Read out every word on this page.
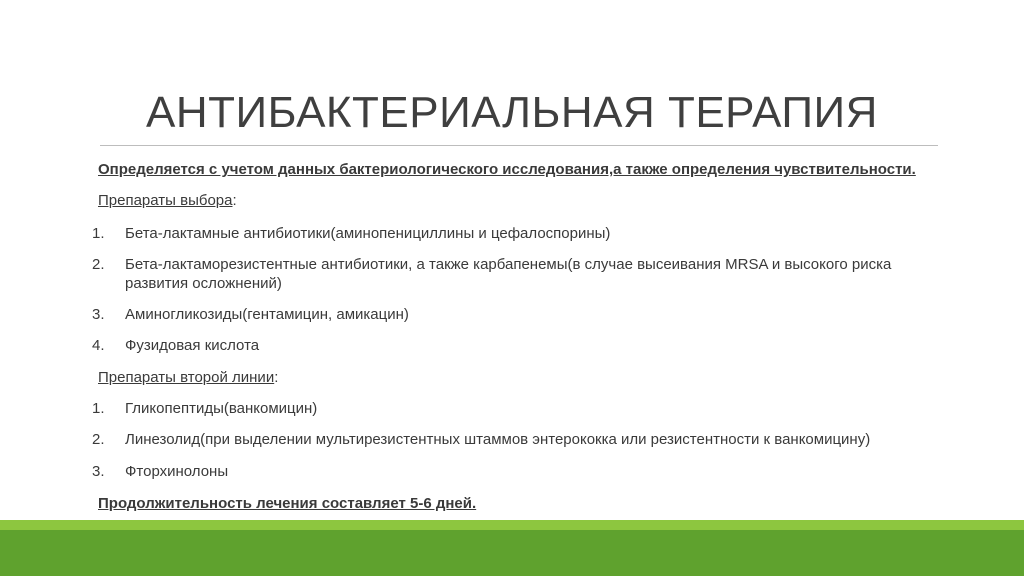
АНТИБАКТЕРИАЛЬНАЯ ТЕРАПИЯ
Определяется с учетом данных бактериологического исследования,а также определения чувствительности.
Препараты выбора:
1. Бета-лактамные антибиотики(аминопенициллины и цефалоспорины)
2. Бета-лактаморезистентные антибиотики, а также карбапенемы(в случае высеивания MRSA и высокого риска развития осложнений)
3. Аминогликозиды(гентамицин, амикацин)
4. Фузидовая кислота
Препараты второй линии:
1. Гликопептиды(ванкомицин)
2. Линезолид(при выделении мультирезистентных штаммов энтерококка или резистентности к ванкомицину)
3. Фторхинолоны
Продолжительность лечения составляет 5-6 дней.
